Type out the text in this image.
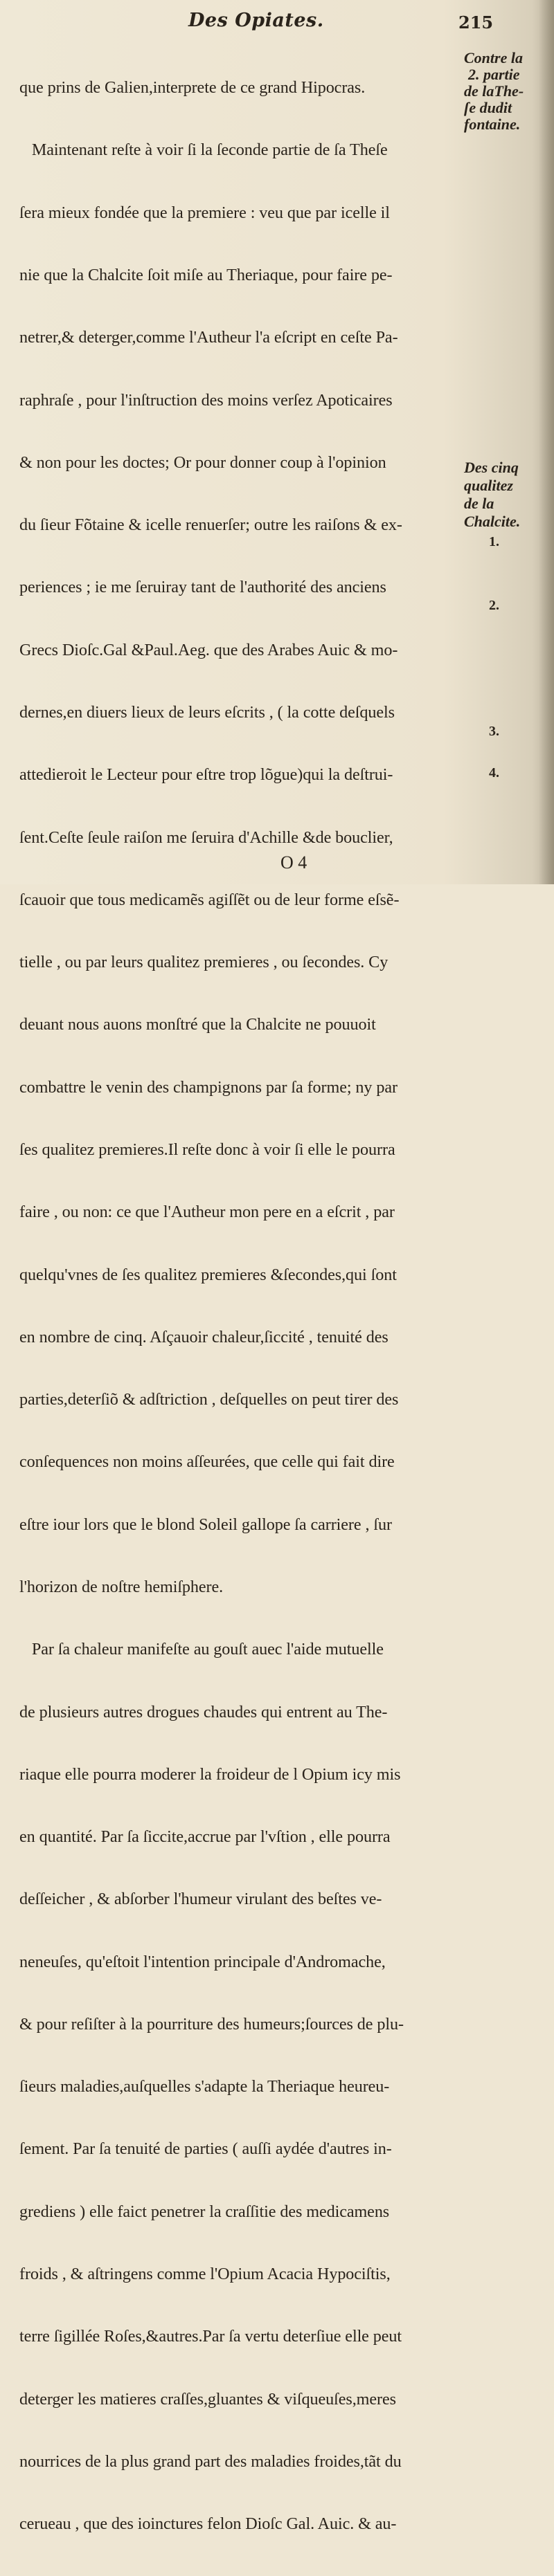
Des Opiates.	215

que prins de Galien,interprete de ce grand Hipocras.

Maintenant reſte à voir ſi la ſeconde partie de ſa Theſe

ſera mieux fondée que la premiere : veu que par icelle il

nie que la Chalcite ſoit miſe au Theriaque, pour faire pe-

netrer,& deterger,comme l'Autheur l'a eſcript en ceſte Pa-

raphraſe , pour l'inſtruction des moins verſez Apoticaires

& non pour les doctes; Or pour donner coup à l'opinion

du ſieur Fõtaine & icelle renuerſer; outre les raiſons & ex-

periences ; ie me ſeruiray tant de l'authorité des anciens

Grecs Dioſc.Gal &Paul.Aeg. que des Arabes Auic & mo-

dernes,en diuers lieux de leurs eſcrits , ( la cotte deſquels

attedieroit le Lecteur pour eſtre trop lõgue)qui la deſtrui-

ſent.Ceſte ſeule raiſon me ſeruira d'Achille &de bouclier,

ſcauoir que tous medicamẽs agiſſẽt ou de leur forme eſsẽ-

tielle , ou par leurs qualitez premieres , ou ſecondes. Cy

deuant nous auons monſtré que la Chalcite ne pouuoit

combattre le venin des champignons par ſa forme; ny par

ſes qualitez premieres.Il reſte donc à voir ſi elle le pourra

faire , ou non: ce que l'Autheur mon pere en a eſcrit , par

quelqu'vnes de ſes qualitez premieres &ſecondes,qui ſont

en nombre de cinq. Aſçauoir chaleur,ſiccité , tenuité des

parties,deterſiõ & adſtriction , deſquelles on peut tirer des

conſequences non moins aſſeurées, que celle qui fait dire

eſtre iour lors que le blond Soleil gallope ſa carriere , ſur

l'horizon de noſtre hemiſphere.

Par ſa chaleur manifeſte au gouſt auec l'aide mutuelle

de plusieurs autres drogues chaudes qui entrent au The-

riaque elle pourra moderer la froideur de l Opium icy mis

en quantité. Par ſa ſiccite,accrue par l'vſtion , elle pourra

deſſeicher , & abſorber l'humeur virulant des beſtes ve-

neneuſes, qu'eſtoit l'intention principale d'Andromache,

& pour reſiſter à la pourriture des humeurs;ſources de plu-

ſieurs maladies,auſquelles s'adapte la Theriaque heureu-

ſement. Par ſa tenuité de parties ( auſſi aydée d'autres in-

grediens ) elle faict penetrer la craſſitie des medicamens

froids , & aſtringens comme l'Opium Acacia Hypociſtis,

terre ſigillée Roſes,&autres.Par ſa vertu deterſiue elle peut

deterger les matieres craſſes,gluantes & viſqueuſes,meres

nourrices de la plus grand part des maladies froides,tãt du

cerueau , que des ioinctures felon Dioſc Gal. Auic. & au-

Contre la
2. partie
de laThe-
ſe dudit
fontaine.
Des cinq
qualitez
de la
Chalcite.
1.
2.
3.
4.
O 4
